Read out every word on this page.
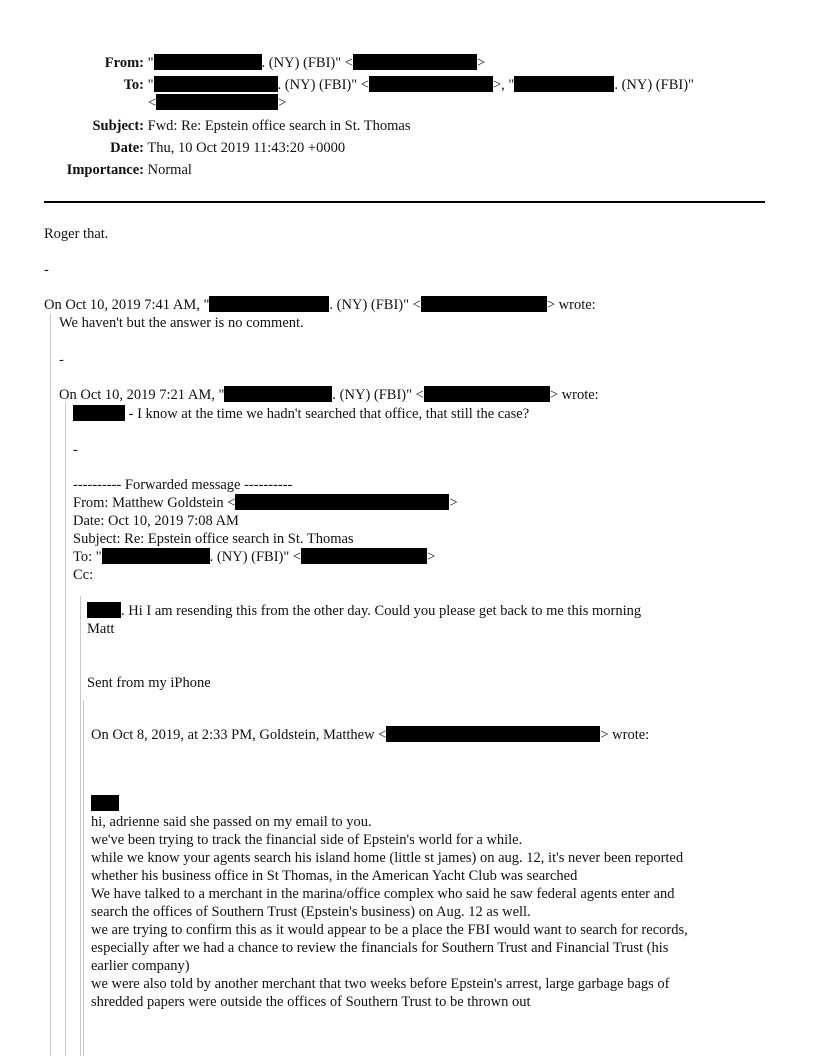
From: "	. (NY) (FBI)" <	>
To: "	. (NY) (FBI)" <	>, "	. (NY) (FBI)"
<	>
Subject: Fwd: Re: Epstein office search in St. Thomas
Date: Thu, 10 Oct 2019 11:43:20 +0000
Importance: Normal
Roger that.
-
On Oct 10, 2019 7:41 AM, "	. (NY) (FBI)" <	> wrote:
We haven't but the answer is no comment.
-
On Oct 10, 2019 7:21 AM, "	. (NY) (FBI)" <	> wrote:
- I know at the time we hadn't searched that office, that still the case?
-
---------- Forwarded message ----------
From: Matthew Goldstein <	>
Date: Oct 10, 2019 7:08 AM
Subject: Re: Epstein office search in St. Thomas
To: "	. (NY) (FBI)" <	>
Cc:
. Hi I am resending this from the other day. Could you please get back to me this morning
Matt
Sent from my iPhone
On Oct 8, 2019, at 2:33 PM, Goldstein, Matthew <	> wrote:
hi, adrienne said she passed on my email to you.
we've been trying to track the financial side of Epstein's world for a while.
while we know your agents search his island home (little st james) on aug. 12, it's never been reported
whether his business office in St Thomas, in the American Yacht Club was searched
We have talked to a merchant in the marina/office complex who said he saw federal agents enter and
search the offices of Southern Trust (Epstein's business) on Aug. 12 as well.
we are trying to confirm this as it would appear to be a place the FBI would want to search for records,
especially after we had a chance to review the financials for Southern Trust and Financial Trust (his
earlier company)
we were also told by another merchant that two weeks before Epstein's arrest, large garbage bags of
shredded papers were outside the offices of Southern Trust to be thrown out
